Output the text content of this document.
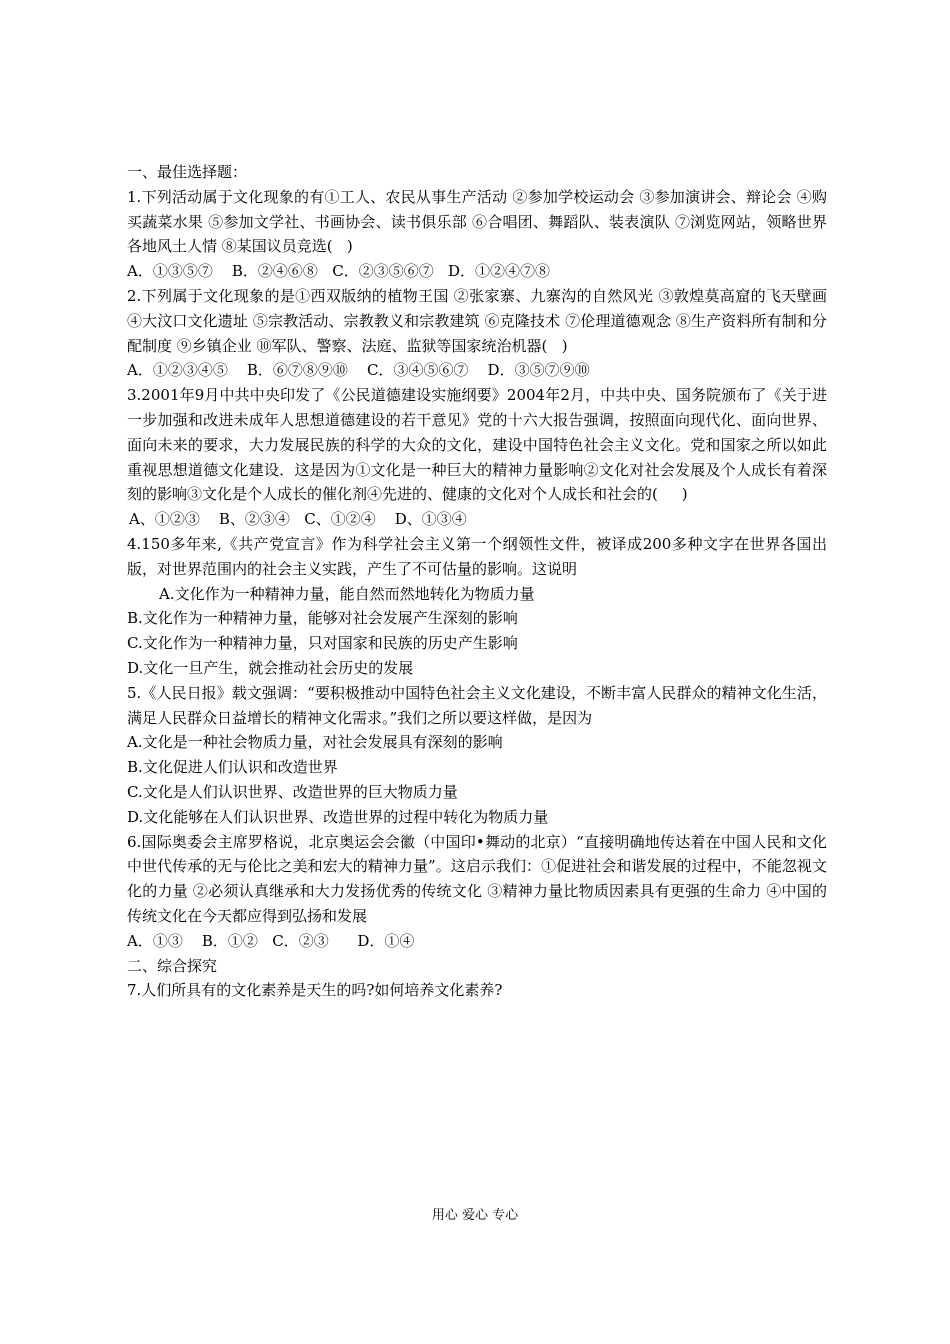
一、最佳选择题：

1.下列活动属于文化现象的有①工人、农民从事生产活动 ②参加学校运动会 ③参加演讲会、辩论会 ④购买蔬菜水果 ⑤参加文学社、书画协会、读书俱乐部 ⑥合唱团、舞蹈队、装表演队 ⑦浏览网站，领略世界各地风土人情 ⑧某国议员竞选(   )

A．①③⑤⑦    B．②④⑥⑧   C．②③⑤⑥⑦   D．①②④⑦⑧

2.下列属于文化现象的是①西双版纳的植物王国 ②张家寨、九寨沟的自然风光 ③敦煌莫高窟的飞天壁画 ④大汶口文化遗址 ⑤宗教活动、宗教教义和宗教建筑 ⑥克隆技术 ⑦伦理道德观念 ⑧生产资料所有制和分配制度 ⑨乡镇企业 ⑩军队、警察、法庭、监狱等国家统治机器(   )

A．①②③④⑤    B．⑥⑦⑧⑨⑩    C．③④⑤⑥⑦    D．③⑤⑦⑨⑩

3.2001年9月中共中央印发了《公民道德建设实施纲要》2004年2月，中共中央、国务院颁布了《关于进一步加强和改进未成年人思想道德建设的若干意见》党的十六大报告强调，按照面向现代化、面向世界、面向未来的要求，大力发展民族的科学的大众的文化，建设中国特色社会主义文化。党和国家之所以如此重视思想道德文化建设．这是因为①文化是一种巨大的精神力量影响②文化对社会发展及个人成长有着深刻的影响③文化是个人成长的催化剂④先进的、健康的文化对个人成长和社会的(     )

A、①②③    B、②③④   C、①②④    D、①③④

4.150多年来,《共产党宣言》作为科学社会主义第一个纲领性文件，被译成200多种文字在世界各国出版，对世界范围内的社会主义实践，产生了不可估量的影响。这说明

A.文化作为一种精神力量，能自然而然地转化为物质力量

B.文化作为一种精神力量，能够对社会发展产生深刻的影响

C.文化作为一种精神力量，只对国家和民族的历史产生影响

D.文化一旦产生，就会推动社会历史的发展

5.《人民日报》载文强调：“要积极推动中国特色社会主义文化建设，不断丰富人民群众的精神文化生活，满足人民群众日益增长的精神文化需求。”我们之所以要这样做，是因为

A.文化是一种社会物质力量，对社会发展具有深刻的影响

B.文化促进人们认识和改造世界

C.文化是人们认识世界、改造世界的巨大物质力量

D.文化能够在人们认识世界、改造世界的过程中转化为物质力量

6.国际奥委会主席罗格说，北京奥运会会徽（中国印•舞动的北京）“直接明确地传达着在中国人民和文化中世代传承的无与伦比之美和宏大的精神力量”。这启示我们：①促进社会和谐发展的过程中，不能忽视文化的力量 ②必须认真继承和大力发扬优秀的传统文化 ③精神力量比物质因素具有更强的生命力 ④中国的传统文化在今天都应得到弘扬和发展

A．①③    B．①②   C．②③      D．①④

二、综合探究

7.人们所具有的文化素养是天生的吗?如何培养文化素养?

用心 爱心 专心
